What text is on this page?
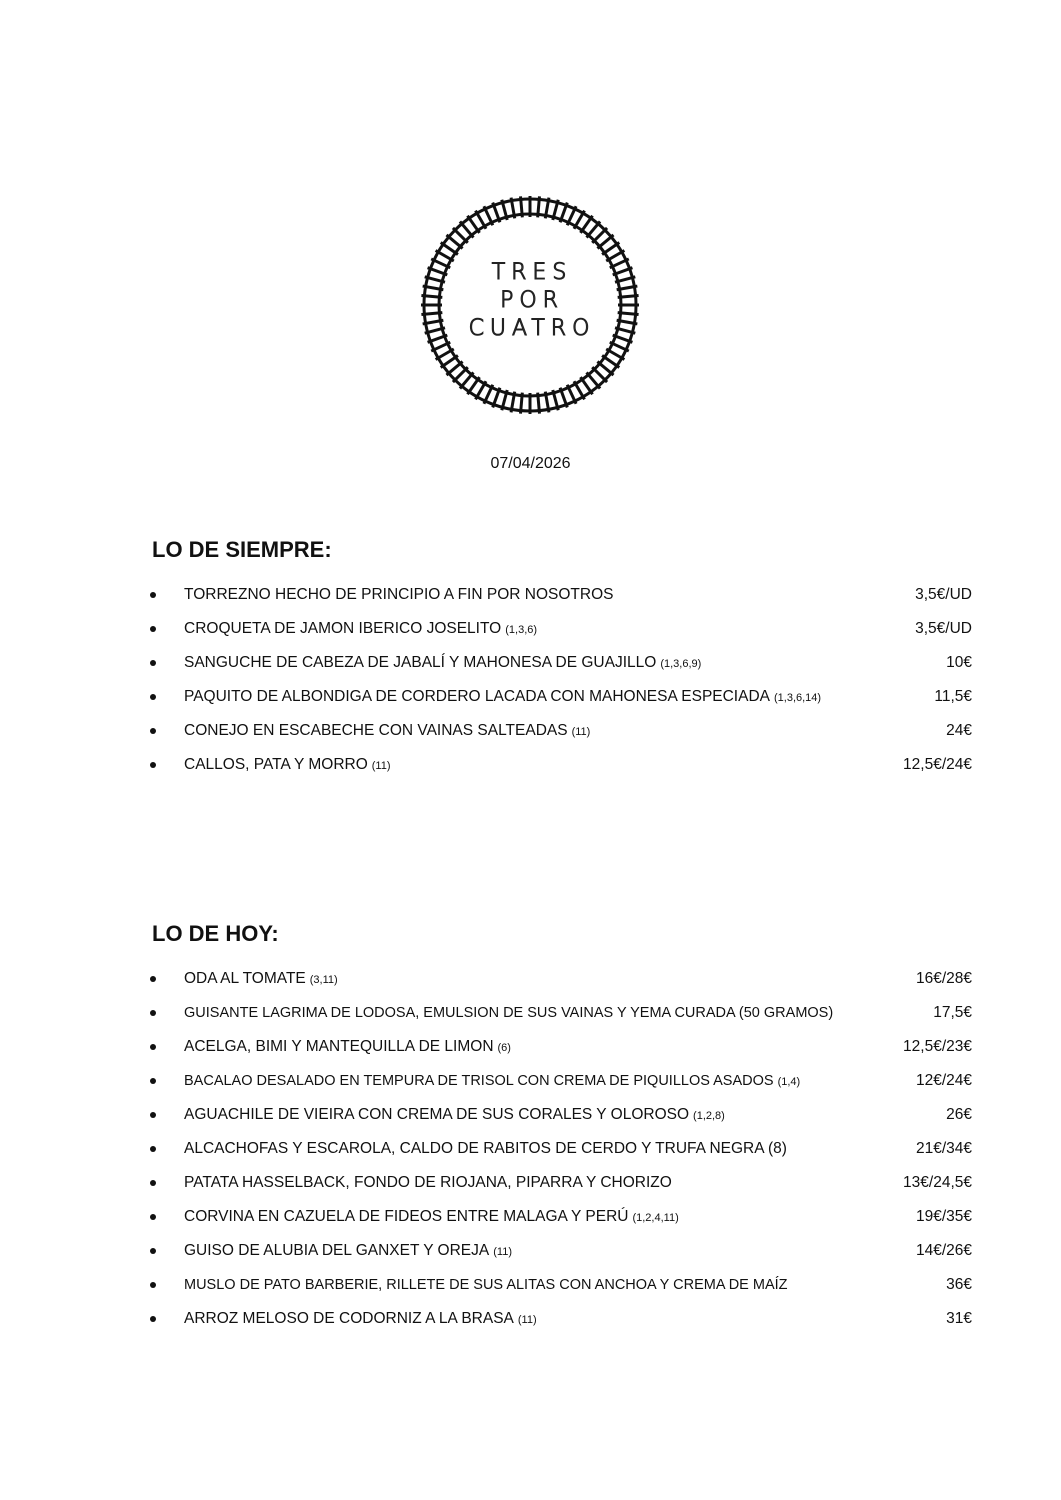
TRES
POR
CUATRO
07/04/2026
LO DE SIEMPRE:
TORREZNO HECHO DE PRINCIPIO A FIN POR NOSOTROS	3,5€/UD
CROQUETA DE JAMON IBERICO JOSELITO (1,3,6)	3,5€/UD
SANGUCHE DE CABEZA DE JABALÍ Y MAHONESA DE GUAJILLO (1,3,6,9)	10€
PAQUITO DE ALBONDIGA DE CORDERO LACADA CON MAHONESA ESPECIADA (1,3,6,14)	11,5€
CONEJO EN ESCABECHE CON VAINAS SALTEADAS (11)	24€
CALLOS, PATA Y MORRO (11)	12,5€/24€
LO DE HOY:
ODA AL TOMATE (3,11)	16€/28€
GUISANTE LAGRIMA DE LODOSA, EMULSION DE SUS VAINAS Y YEMA CURADA (50 GRAMOS)	17,5€
ACELGA, BIMI Y MANTEQUILLA DE LIMON (6)	12,5€/23€
BACALAO DESALADO EN TEMPURA DE TRISOL CON CREMA DE PIQUILLOS ASADOS (1,4)	12€/24€
AGUACHILE DE VIEIRA CON CREMA DE SUS CORALES Y OLOROSO (1,2,8)	26€
ALCACHOFAS Y ESCAROLA, CALDO DE RABITOS DE CERDO Y TRUFA NEGRA (8)	21€/34€
PATATA HASSELBACK, FONDO DE RIOJANA, PIPARRA Y CHORIZO	13€/24,5€
CORVINA EN CAZUELA DE FIDEOS ENTRE MALAGA Y PERÚ (1,2,4,11)	19€/35€
GUISO DE ALUBIA DEL GANXET Y OREJA (11)	14€/26€
MUSLO DE PATO BARBERIE, RILLETE DE SUS ALITAS CON ANCHOA Y CREMA DE MAÍZ	36€
ARROZ MELOSO DE CODORNIZ A LA BRASA (11)	31€
